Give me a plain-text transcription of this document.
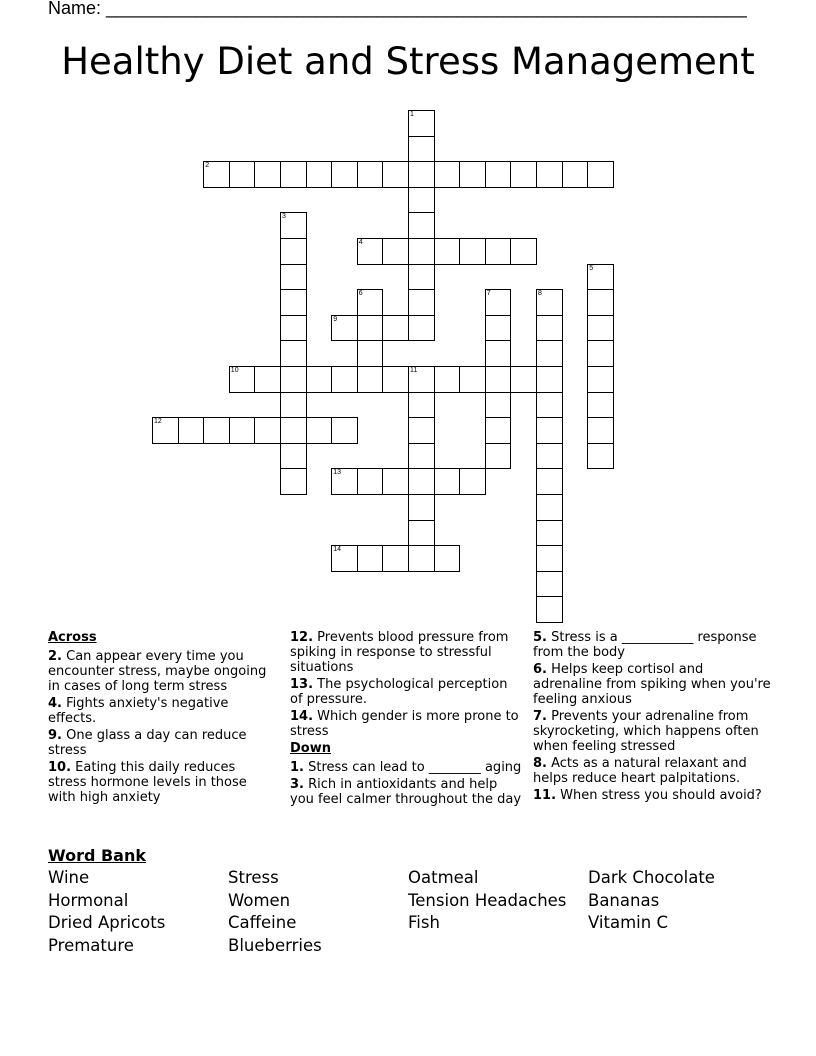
Name: ________________________________________________________________
Healthy Diet and Stress Management
1
2
3
4
5
6	7	8
9
10	11
12
13
14
Across
2. Can appear every time you encounter stress, maybe ongoing in cases of long term stress
4. Fights anxiety's negative effects.
9. One glass a day can reduce stress
10. Eating this daily reduces stress hormone levels in those with high anxiety
12. Prevents blood pressure from spiking in response to stressful situations
13. The psychological perception of pressure.
14. Which gender is more prone to stress
Down
1. Stress can lead to ________ aging
3. Rich in antioxidants and help you feel calmer throughout the day
5. Stress is a ___________ response from the body
6. Helps keep cortisol and adrenaline from spiking when you're feeling anxious
7. Prevents your adrenaline from skyrocketing, which happens often when feeling stressed
8. Acts as a natural relaxant and helps reduce heart palpitations.
11. When stress you should avoid?
Word Bank
Wine
Hormonal
Dried Apricots
Premature
Stress
Women
Caffeine
Blueberries
Oatmeal
Tension Headaches
Fish
Dark Chocolate
Bananas
Vitamin C
